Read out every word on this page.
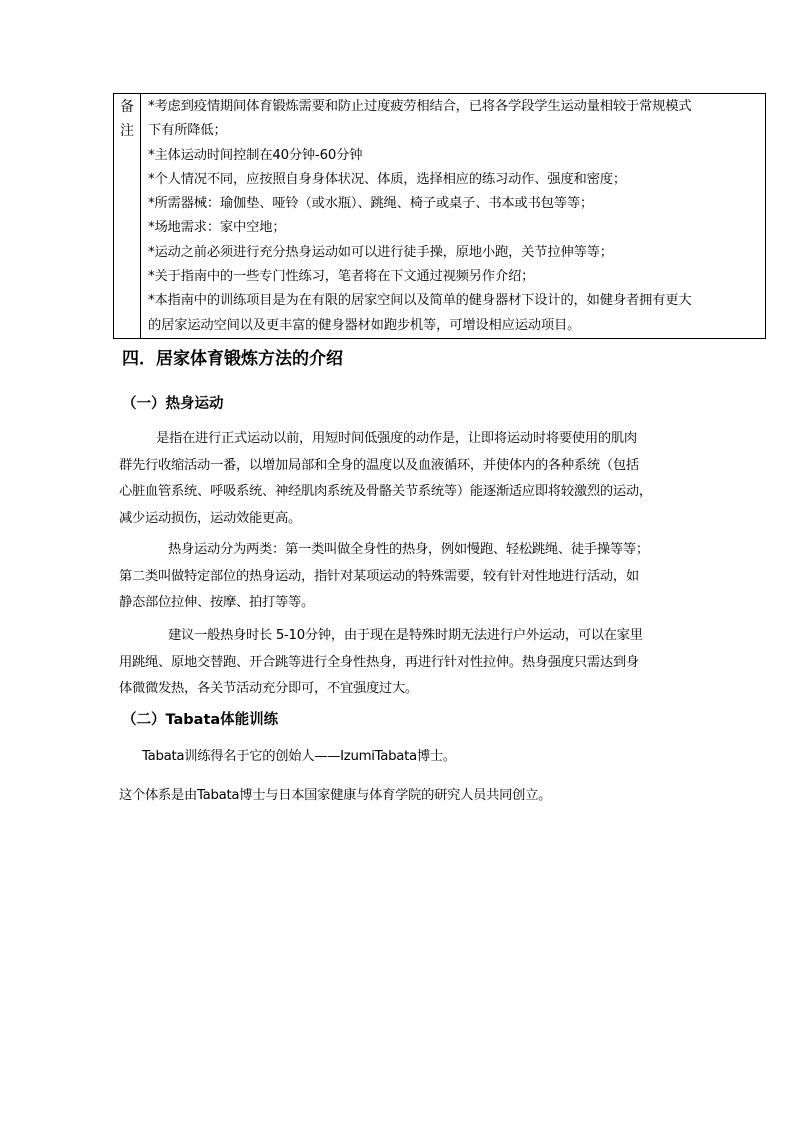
备
注
*考虑到疫情期间体育锻炼需要和防止过度疲劳相结合，已将各学段学生运动量相较于常规模式
下有所降低；
*主体运动时间控制在40分钟-60分钟
*个人情况不同，应按照自身身体状况、体质，选择相应的练习动作、强度和密度；
*所需器械：瑜伽垫、哑铃（或水瓶）、跳绳、椅子或桌子、书本或书包等等；
*场地需求：家中空地；
*运动之前必须进行充分热身运动如可以进行徒手操，原地小跑，关节拉伸等等；
*关于指南中的一些专门性练习，笔者将在下文通过视频另作介绍；
*本指南中的训练项目是为在有限的居家空间以及简单的健身器材下设计的，如健身者拥有更大
的居家运动空间以及更丰富的健身器材如跑步机等，可增设相应运动项目。
四．居家体育锻炼方法的介绍
（一）热身运动

是指在进行正式运动以前，用短时间低强度的动作是，让即将运动时将要使用的肌肉
群先行收缩活动一番，以增加局部和全身的温度以及血液循环，并使体内的各种系统（包括
心脏血管系统、呼吸系统、神经肌肉系统及骨骼关节系统等）能逐渐适应即将较激烈的运动，
减少运动损伤，运动效能更高。

热身运动分为两类：第一类叫做全身性的热身，例如慢跑、轻松跳绳、徒手操等等；
第二类叫做特定部位的热身运动，指针对某项运动的特殊需要，较有针对性地进行活动，如
静态部位拉伸、按摩、拍打等等。

建议一般热身时长 5-10分钟，由于现在是特殊时期无法进行户外运动，可以在家里
用跳绳、原地交替跑、开合跳等进行全身性热身，再进行针对性拉伸。热身强度只需达到身
体微微发热，各关节活动充分即可，不宜强度过大。

（二）Tabata体能训练

Tabata训练得名于它的创始人——IzumiTabata博士。

这个体系是由Tabata博士与日本国家健康与体育学院的研究人员共同创立。
